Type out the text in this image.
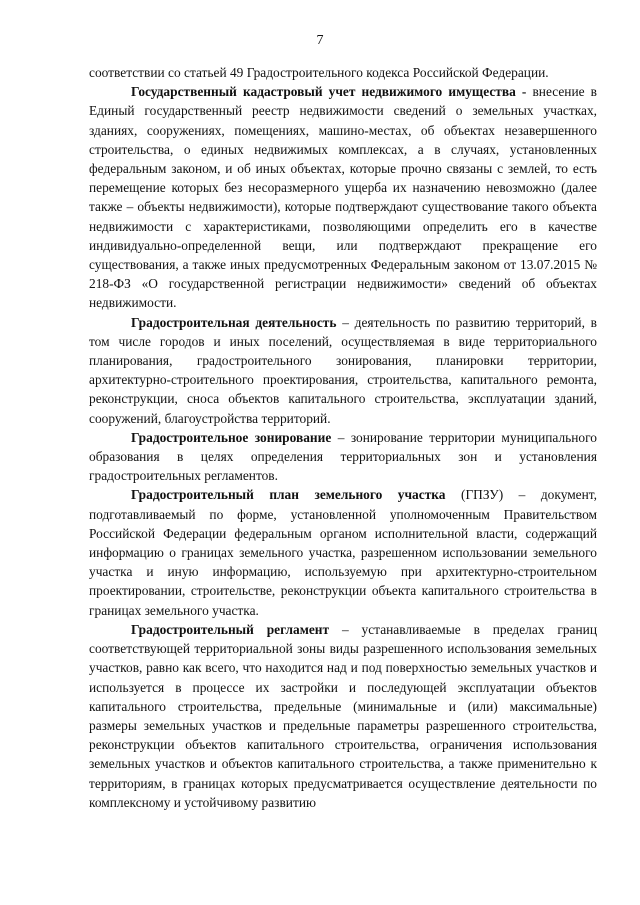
7

соответствии со статьей 49 Градостроительного кодекса Российской Федерации.

Государственный кадастровый учет недвижимого имущества - внесение в Единый государственный реестр недвижимости сведений о земельных участках, зданиях, сооружениях, помещениях, машино-местах, об объектах незавершенного строительства, о единых недвижимых комплексах, а в случаях, установленных федеральным законом, и об иных объектах, которые прочно связаны с землей, то есть перемещение которых без несоразмерного ущерба их назначению невозможно (далее также – объекты недвижимости), которые подтверждают существование такого объекта недвижимости с характеристиками, позволяющими определить его в качестве индивидуально-определенной вещи, или подтверждают прекращение его существования, а также иных предусмотренных Федеральным законом от 13.07.2015 № 218-ФЗ «О государственной регистрации недвижимости» сведений об объектах недвижимости.

Градостроительная деятельность – деятельность по развитию территорий, в том числе городов и иных поселений, осуществляемая в виде территориального планирования, градостроительного зонирования, планировки территории, архитектурно-строительного проектирования, строительства, капитального ремонта, реконструкции, сноса объектов капитального строительства, эксплуатации зданий, сооружений, благоустройства территорий.

Градостроительное зонирование – зонирование территории муниципального образования в целях определения территориальных зон и установления градостроительных регламентов.

Градостроительный план земельного участка (ГПЗУ) – документ, подготавливаемый по форме, установленной уполномоченным Правительством Российской Федерации федеральным органом исполнительной власти, содержащий информацию о границах земельного участка, разрешенном использовании земельного участка и иную информацию, используемую при архитектурно-строительном проектировании, строительстве, реконструкции объекта капитального строительства в границах земельного участка.

Градостроительный регламент – устанавливаемые в пределах границ соответствующей территориальной зоны виды разрешенного использования земельных участков, равно как всего, что находится над и под поверхностью земельных участков и используется в процессе их застройки и последующей эксплуатации объектов капитального строительства, предельные (минимальные и (или) максимальные) размеры земельных участков и предельные параметры разрешенного строительства, реконструкции объектов капитального строительства, ограничения использования земельных участков и объектов капитального строительства, а также применительно к территориям, в границах которых предусматривается осуществление деятельности по комплексному и устойчивому развитию
